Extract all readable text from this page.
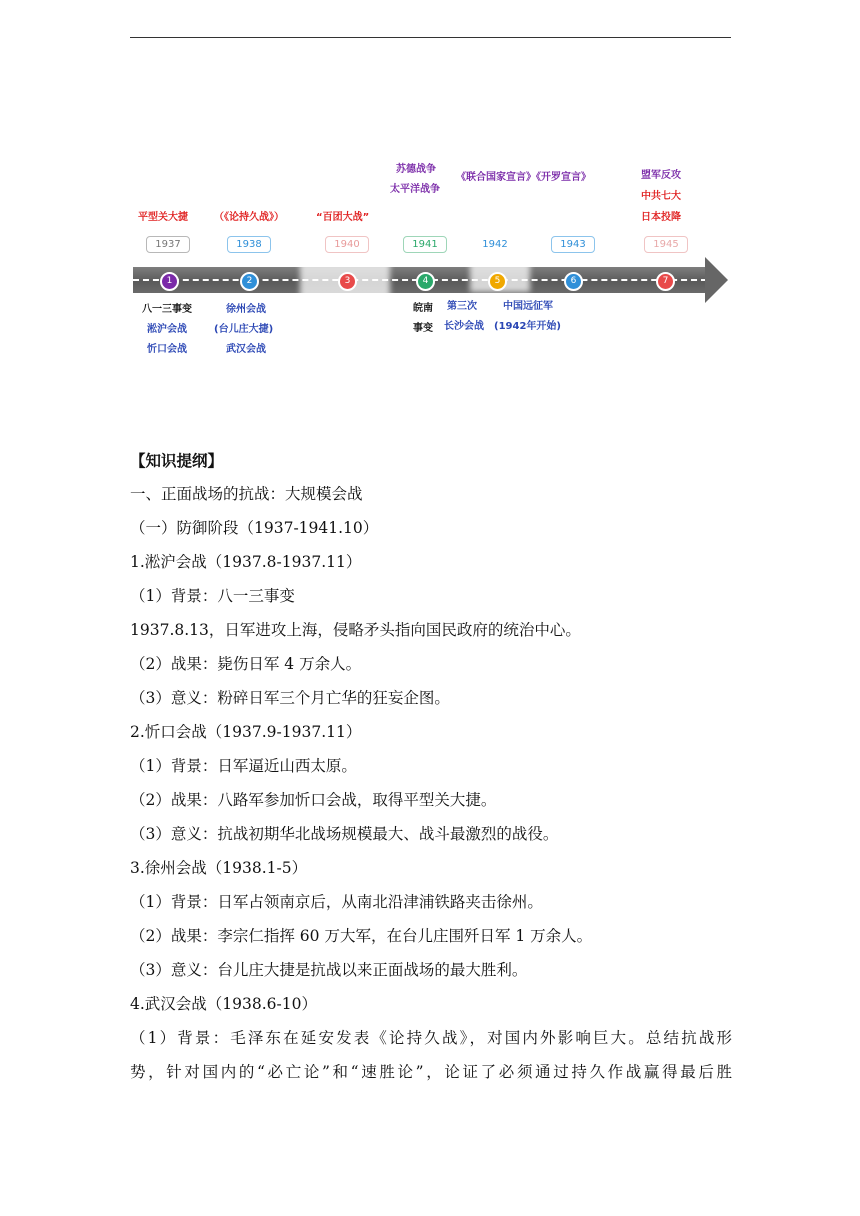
平型关大捷	（《论持久战》）	“百团大战”
苏德战争
太平洋战争
《联合国家宣言》《开罗宣言》	盟军反攻
中共七大
日本投降
1937	1938	1940	1941	1942	1943	1945
1	2	3	4	5	6	7
八一三事变
淞沪会战
忻口会战
徐州会战
(台儿庄大捷)
武汉会战
皖南
事变
第三次
长沙会战
中国远征军
(1942年开始)
【知识提纲】
一、正面战场的抗战：大规模会战
（一）防御阶段（1937-1941.10）
1.淞沪会战（1937.8-1937.11）
（1）背景：八一三事变
1937.8.13，日军进攻上海，侵略矛头指向国民政府的统治中心。
（2）战果：毙伤日军 4 万余人。
（3）意义：粉碎日军三个月亡华的狂妄企图。
2.忻口会战（1937.9-1937.11）
（1）背景：日军逼近山西太原。
（2）战果：八路军参加忻口会战，取得平型关大捷。
（3）意义：抗战初期华北战场规模最大、战斗最激烈的战役。
3.徐州会战（1938.1-5）
（1）背景：日军占领南京后，从南北沿津浦铁路夹击徐州。
（2）战果：李宗仁指挥 60 万大军，在台儿庄围歼日军 1 万余人。
（3）意义：台儿庄大捷是抗战以来正面战场的最大胜利。
4.武汉会战（1938.6-10）
（1）背景：毛泽东在延安发表《论持久战》，对国内外影响巨大。总结抗战形
势，针对国内的“必亡论”和“速胜论”，论证了必须通过持久作战赢得最后胜
